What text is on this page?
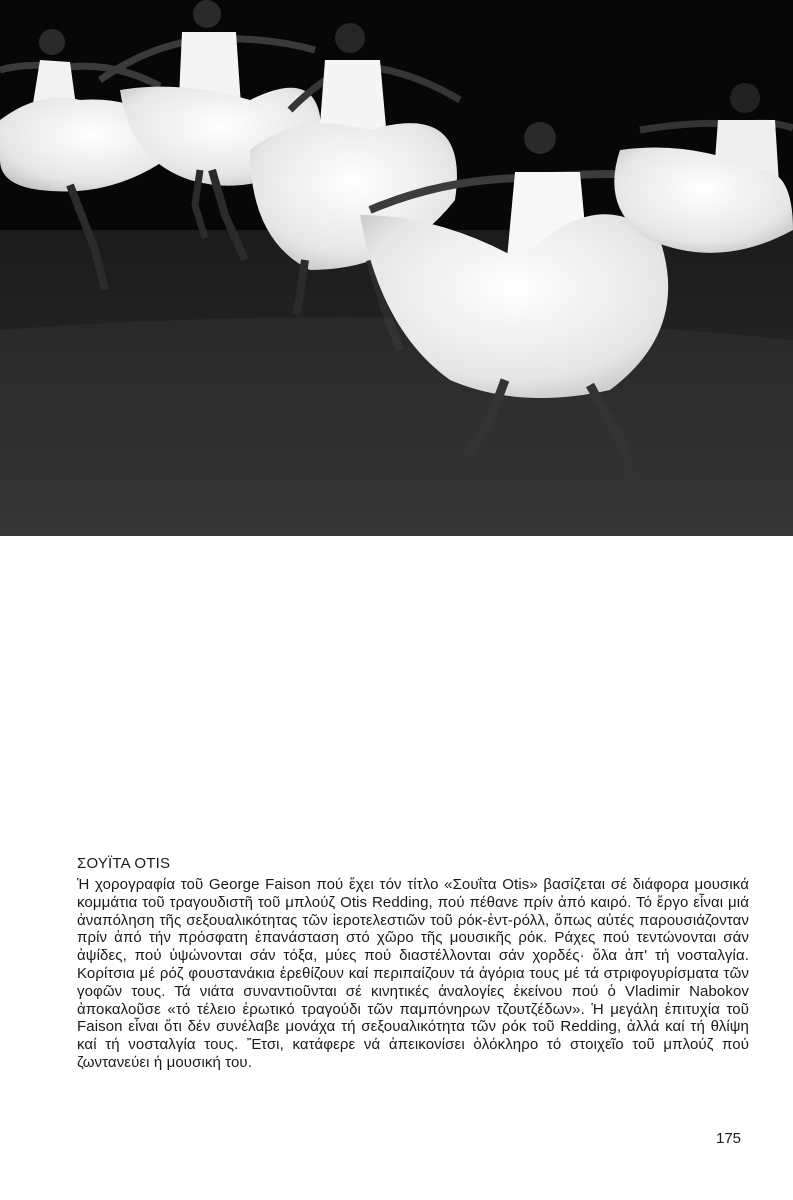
ΣΟΥΪΤΑ OTIS

Ἡ χορογραφία τοῦ George Faison πού ἔχει τόν τίτλο «Σουΐτα Otis» βασίζεται σέ διάφορα μουσικά κομμάτια τοῦ τραγουδιστῆ τοῦ μπλούζ Otis Redding, πού πέθανε πρίν ἀπό καιρό. Τό ἔργο εἶναι μιά ἀναπόληση τῆς σεξουαλικότητας τῶν ἱεροτελεστιῶν τοῦ ρόκ-ἐντ-ρόλλ, ὅπως αὐτές παρουσιάζονταν πρίν ἀπό τήν πρόσφατη ἐπανάσταση στό χῶρο τῆς μουσικῆς ρόκ. Ράχες πού τεντώνονται σάν ἀψίδες, πού ὑψώνονται σάν τόξα, μύες πού διαστέλλονται σάν χορδές· ὅλα ἀπ' τή νοσταλγία. Κορίτσια μέ ρόζ φουστανάκια ἐρεθίζουν καί περιπαίζουν τά ἀγόρια τους μέ τά στριφογυρίσματα τῶν γοφῶν τους. Τά νιάτα συναντιοῦνται σέ κινητικές ἀναλογίες ἐκείνου πού ὁ Vladimir Nabokov ἀποκαλοῦσε «τό τέλειο ἐρωτικό τραγούδι τῶν παμπόνηρων τζουτζέδων». Ἡ μεγάλη ἐπιτυχία τοῦ Faison εἶναι ὅτι δέν συνέλαβε μονάχα τή σεξουαλικότητα τῶν ρόκ τοῦ Redding, ἀλλά καί τή θλίψη καί τή νοσταλγία τους. Ἔτσι, κατάφερε νά ἀπεικονίσει ὁλόκληρο τό στοιχεῖο τοῦ μπλούζ πού ζωντανεύει ἡ μουσική του.

175
